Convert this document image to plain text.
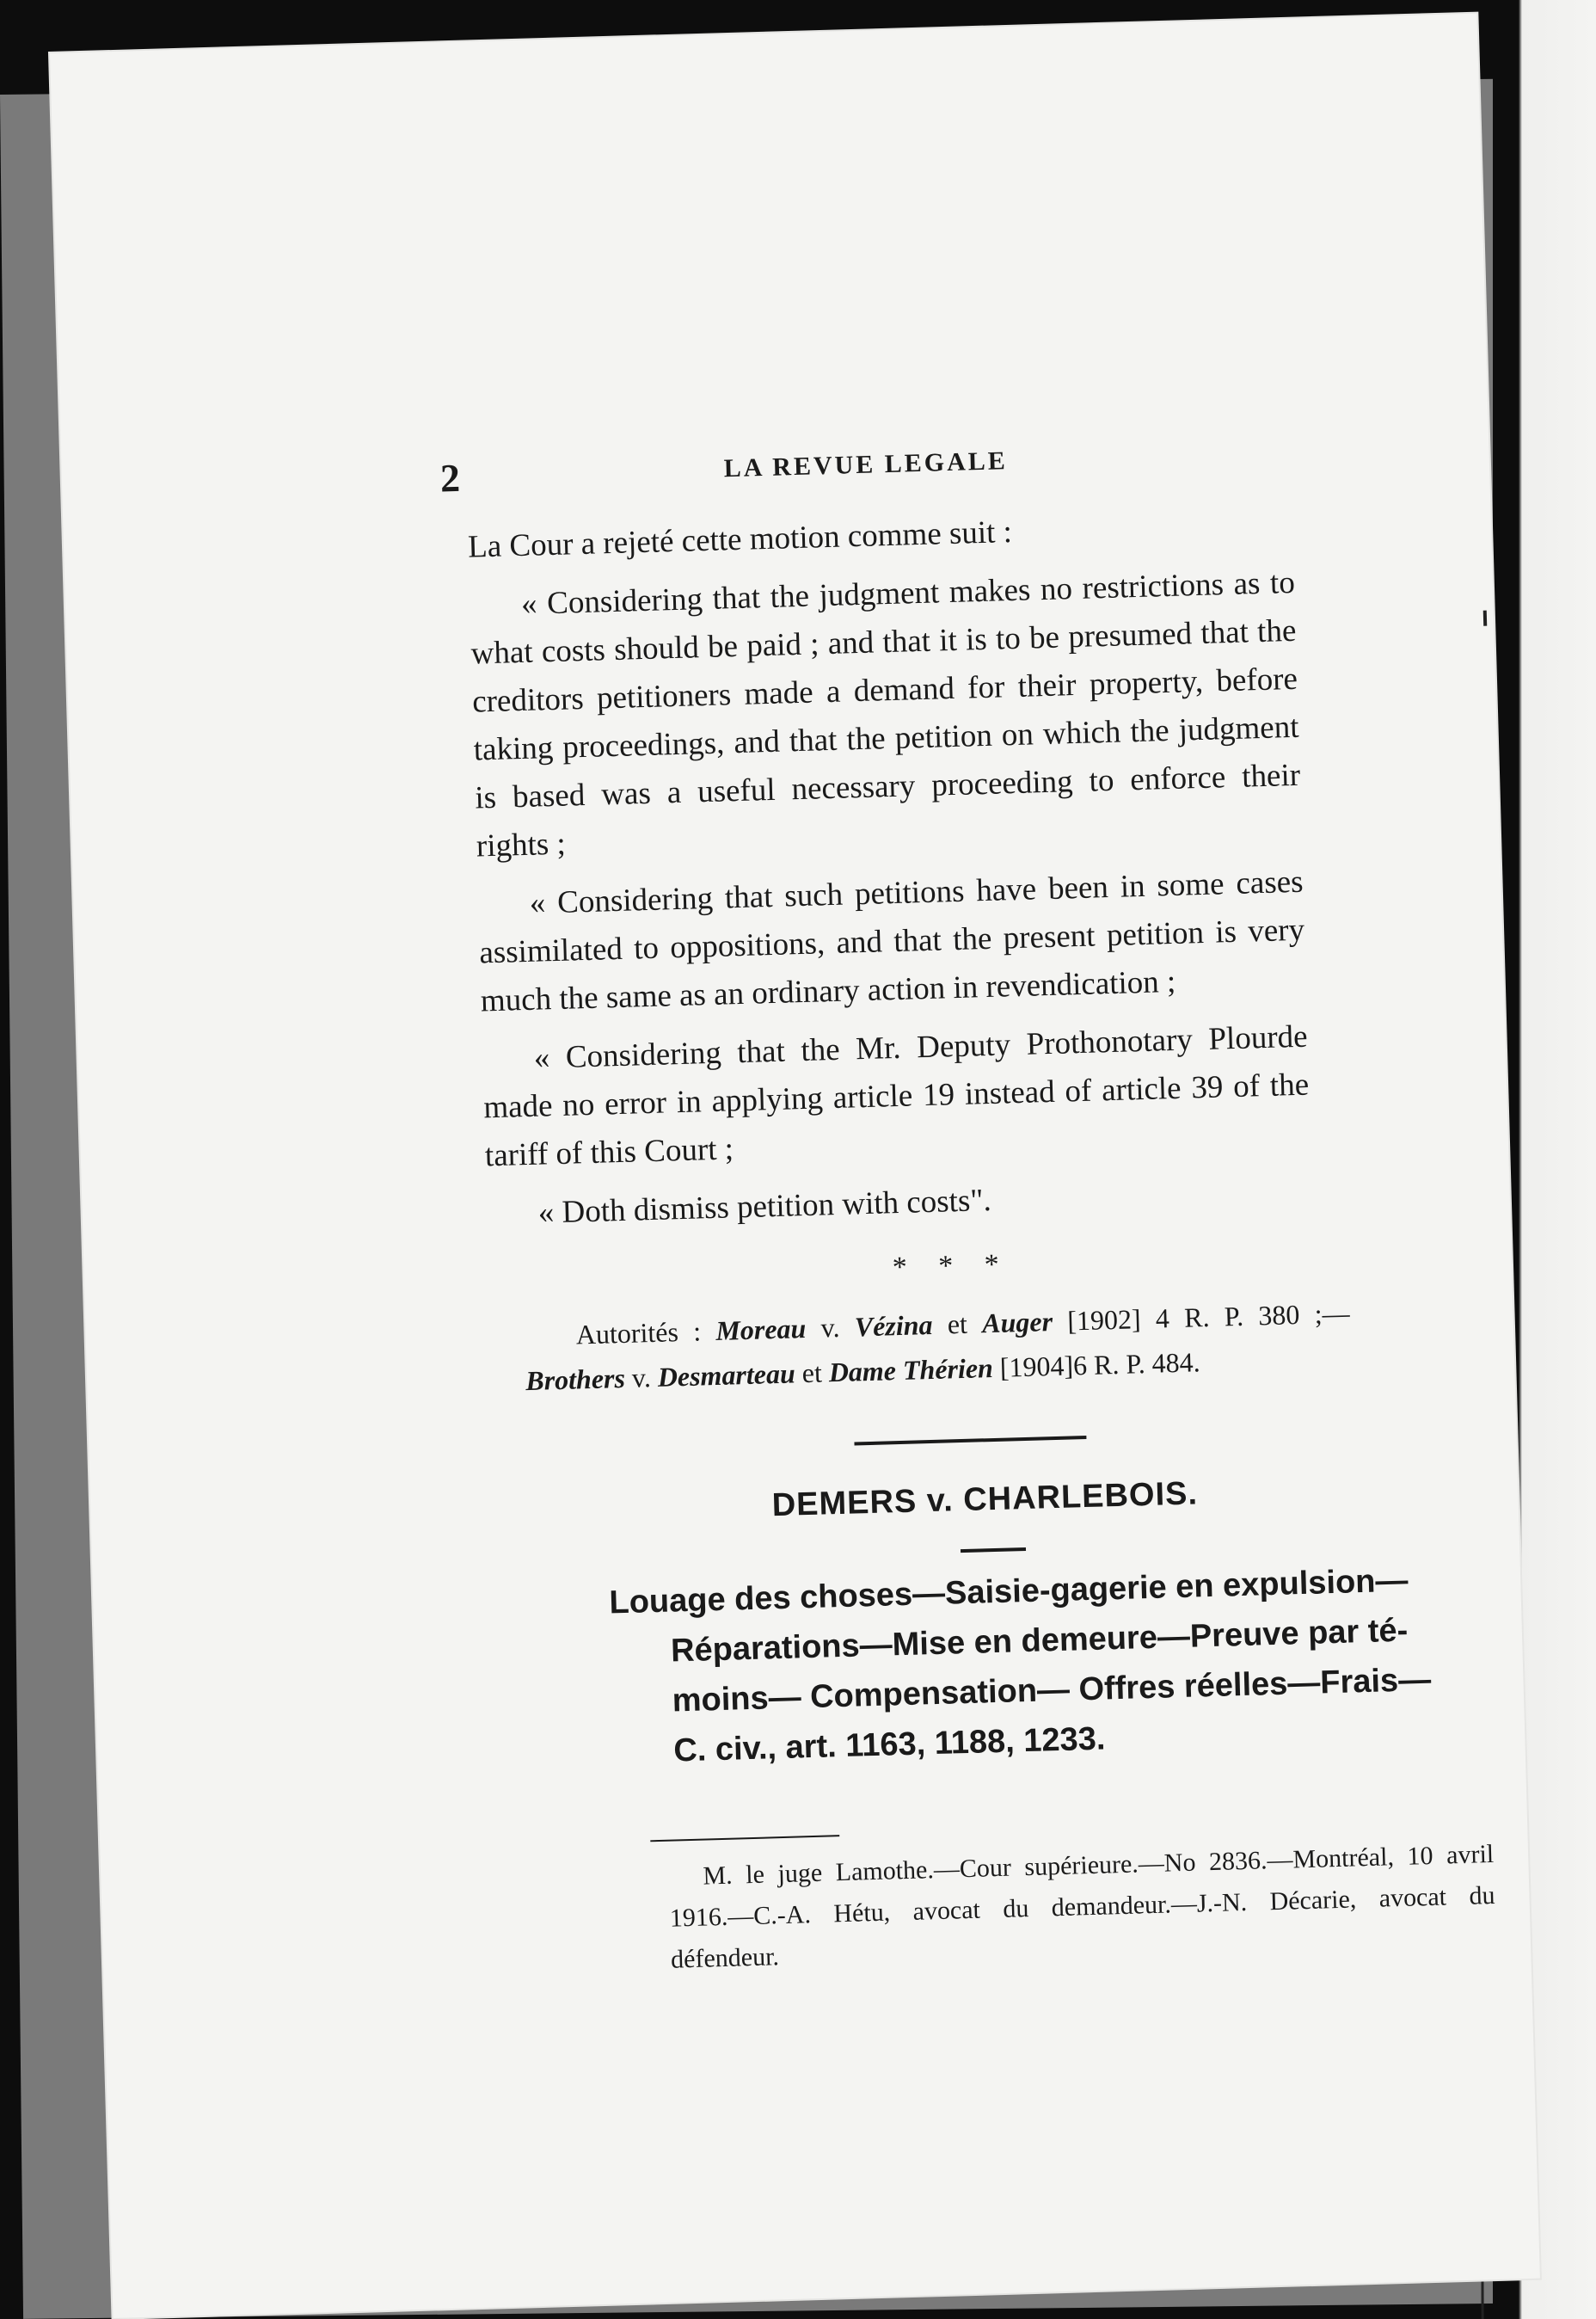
2	LA REVUE LEGALE

La Cour a rejeté cette motion comme suit :

« Considering that the judgment makes no restrictions as to what costs should be paid ; and that it is to be presumed that the creditors petitioners made a demand for their property, before taking proceedings, and that the petition on which the judgment is based was a useful necessary proceeding to enforce their rights ;

« Considering that such petitions have been in some cases assimilated to oppositions, and that the present petition is very much the same as an ordinary action in revendication ;

« Considering that the Mr. Deputy Prothonotary Plourde made no error in applying article 19 instead of article 39 of the tariff of this Court ;

« Doth dismiss petition with costs".

* * *
Autorités : Moreau v. Vézina et Auger [1902] 4 R. P. 380 ;— Brothers v. Desmarteau et Dame Thérien [1904]6 R. P. 484.
DEMERS v. CHARLEBOIS.
Louage des choses—Saisie-gagerie en expulsion—
Réparations—Mise en demeure—Preuve par té-
moins— Compensation— Offres réelles—Frais—
C. civ., art. 1163, 1188, 1233.
M. le juge Lamothe.—Cour supérieure.—No 2836.—Montréal, 10 avril 1916.—C.-A. Hétu, avocat du demandeur.—J.-N. Décarie, avocat du défendeur.
